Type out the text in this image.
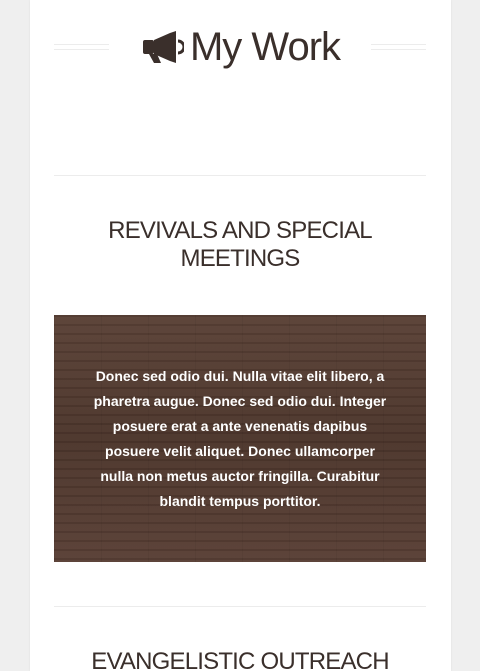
My Work
REVIVALS AND SPECIAL
MEETINGS
Donec sed odio dui. Nulla vitae elit libero, a pharetra augue. Donec sed odio dui. Integer posuere erat a ante venenatis dapibus posuere velit aliquet. Donec ullamcorper nulla non metus auctor fringilla. Curabitur blandit tempus porttitor.
EVANGELISTIC OUTREACH
